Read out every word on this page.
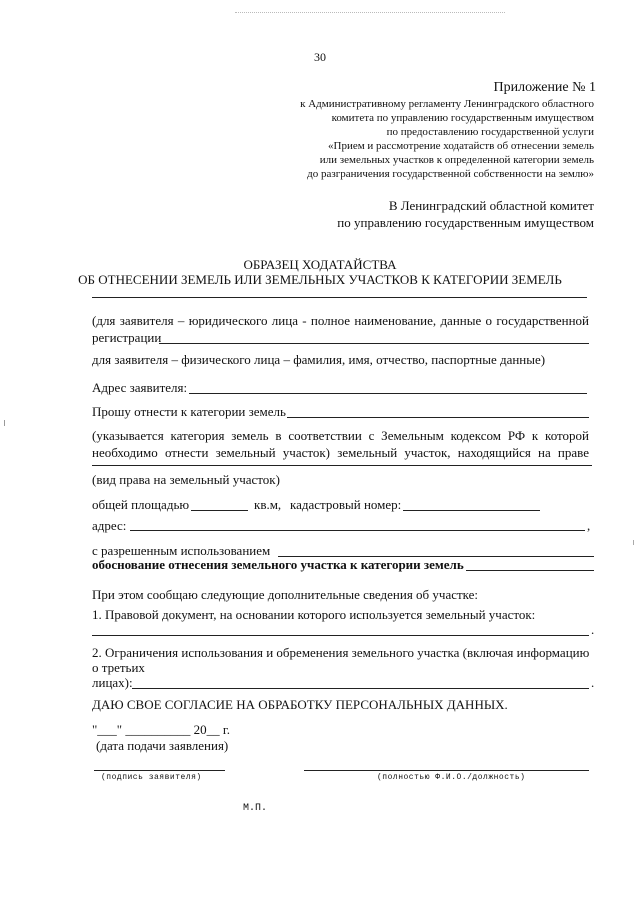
30
Приложение № 1
к Административному регламенту Ленинградского областного
комитета по управлению государственным имуществом
по предоставлению государственной услуги
«Прием и рассмотрение ходатайств об отнесении земель
или земельных участков к определенной категории земель
до разграничения государственной собственности на землю»
В Ленинградский областной комитет
по управлению государственным имуществом
ОБРАЗЕЦ ХОДАТАЙСТВА
ОБ ОТНЕСЕНИИ ЗЕМЕЛЬ ИЛИ ЗЕМЕЛЬНЫХ УЧАСТКОВ К КАТЕГОРИИ ЗЕМЕЛЬ
(для заявителя – юридического лица - полное наименование, данные о государственной
регистрации
для заявителя – физического лица – фамилия, имя, отчество, паспортные данные)
Адрес заявителя:
Прошу отнести к категории земель
(указывается категория земель в соответствии с Земельным кодексом РФ к которой
необходимо отнести земельный участок) земельный участок, находящийся на праве
(вид права на земельный участок)
общей площадью	кв.м, кадастровый номер:
адрес:	,
с разрешенным использованием
обоснование отнесения земельного участка к категории земель
При этом сообщаю следующие дополнительные сведения об участке:
1. Правовой документ, на основании которого используется земельный участок:
.
2. Ограничения использования и обременения земельного участка (включая информацию
о третьих
лицах):	.
ДАЮ СВОЕ СОГЛАСИЕ НА ОБРАБОТКУ ПЕРСОНАЛЬНЫХ ДАННЫХ.
"___" __________ 20__ г.
(дата подачи заявления)
(подпись заявителя)	(полностью Ф.И.О./должность)
М.П.
